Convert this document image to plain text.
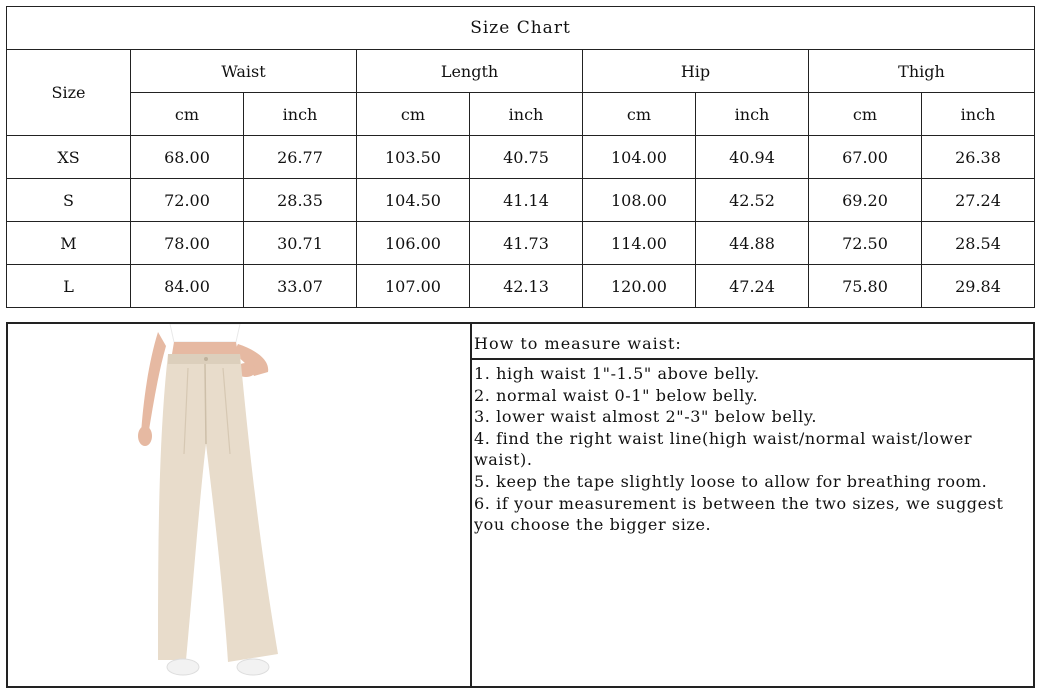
Size Chart								
Size	Waist		Length		Hip		Thigh	
	cm	inch	cm	inch	cm	inch	cm	inch
XS	68.00	26.77	103.50	40.75	104.00	40.94	67.00	26.38
S	72.00	28.35	104.50	41.14	108.00	42.52	69.20	27.24
M	78.00	30.71	106.00	41.73	114.00	44.88	72.50	28.54
L	84.00	33.07	107.00	42.13	120.00	47.24	75.80	29.84
How to measure waist:
1. high waist 1"-1.5" above belly.
2. normal waist 0-1" below belly.
3. lower waist almost 2"-3" below belly.
4. find the right waist line(high waist/normal waist/lower waist).
5. keep the tape slightly loose to allow for breathing room.
6. if your measurement is between the two sizes, we suggest you choose the bigger size.
